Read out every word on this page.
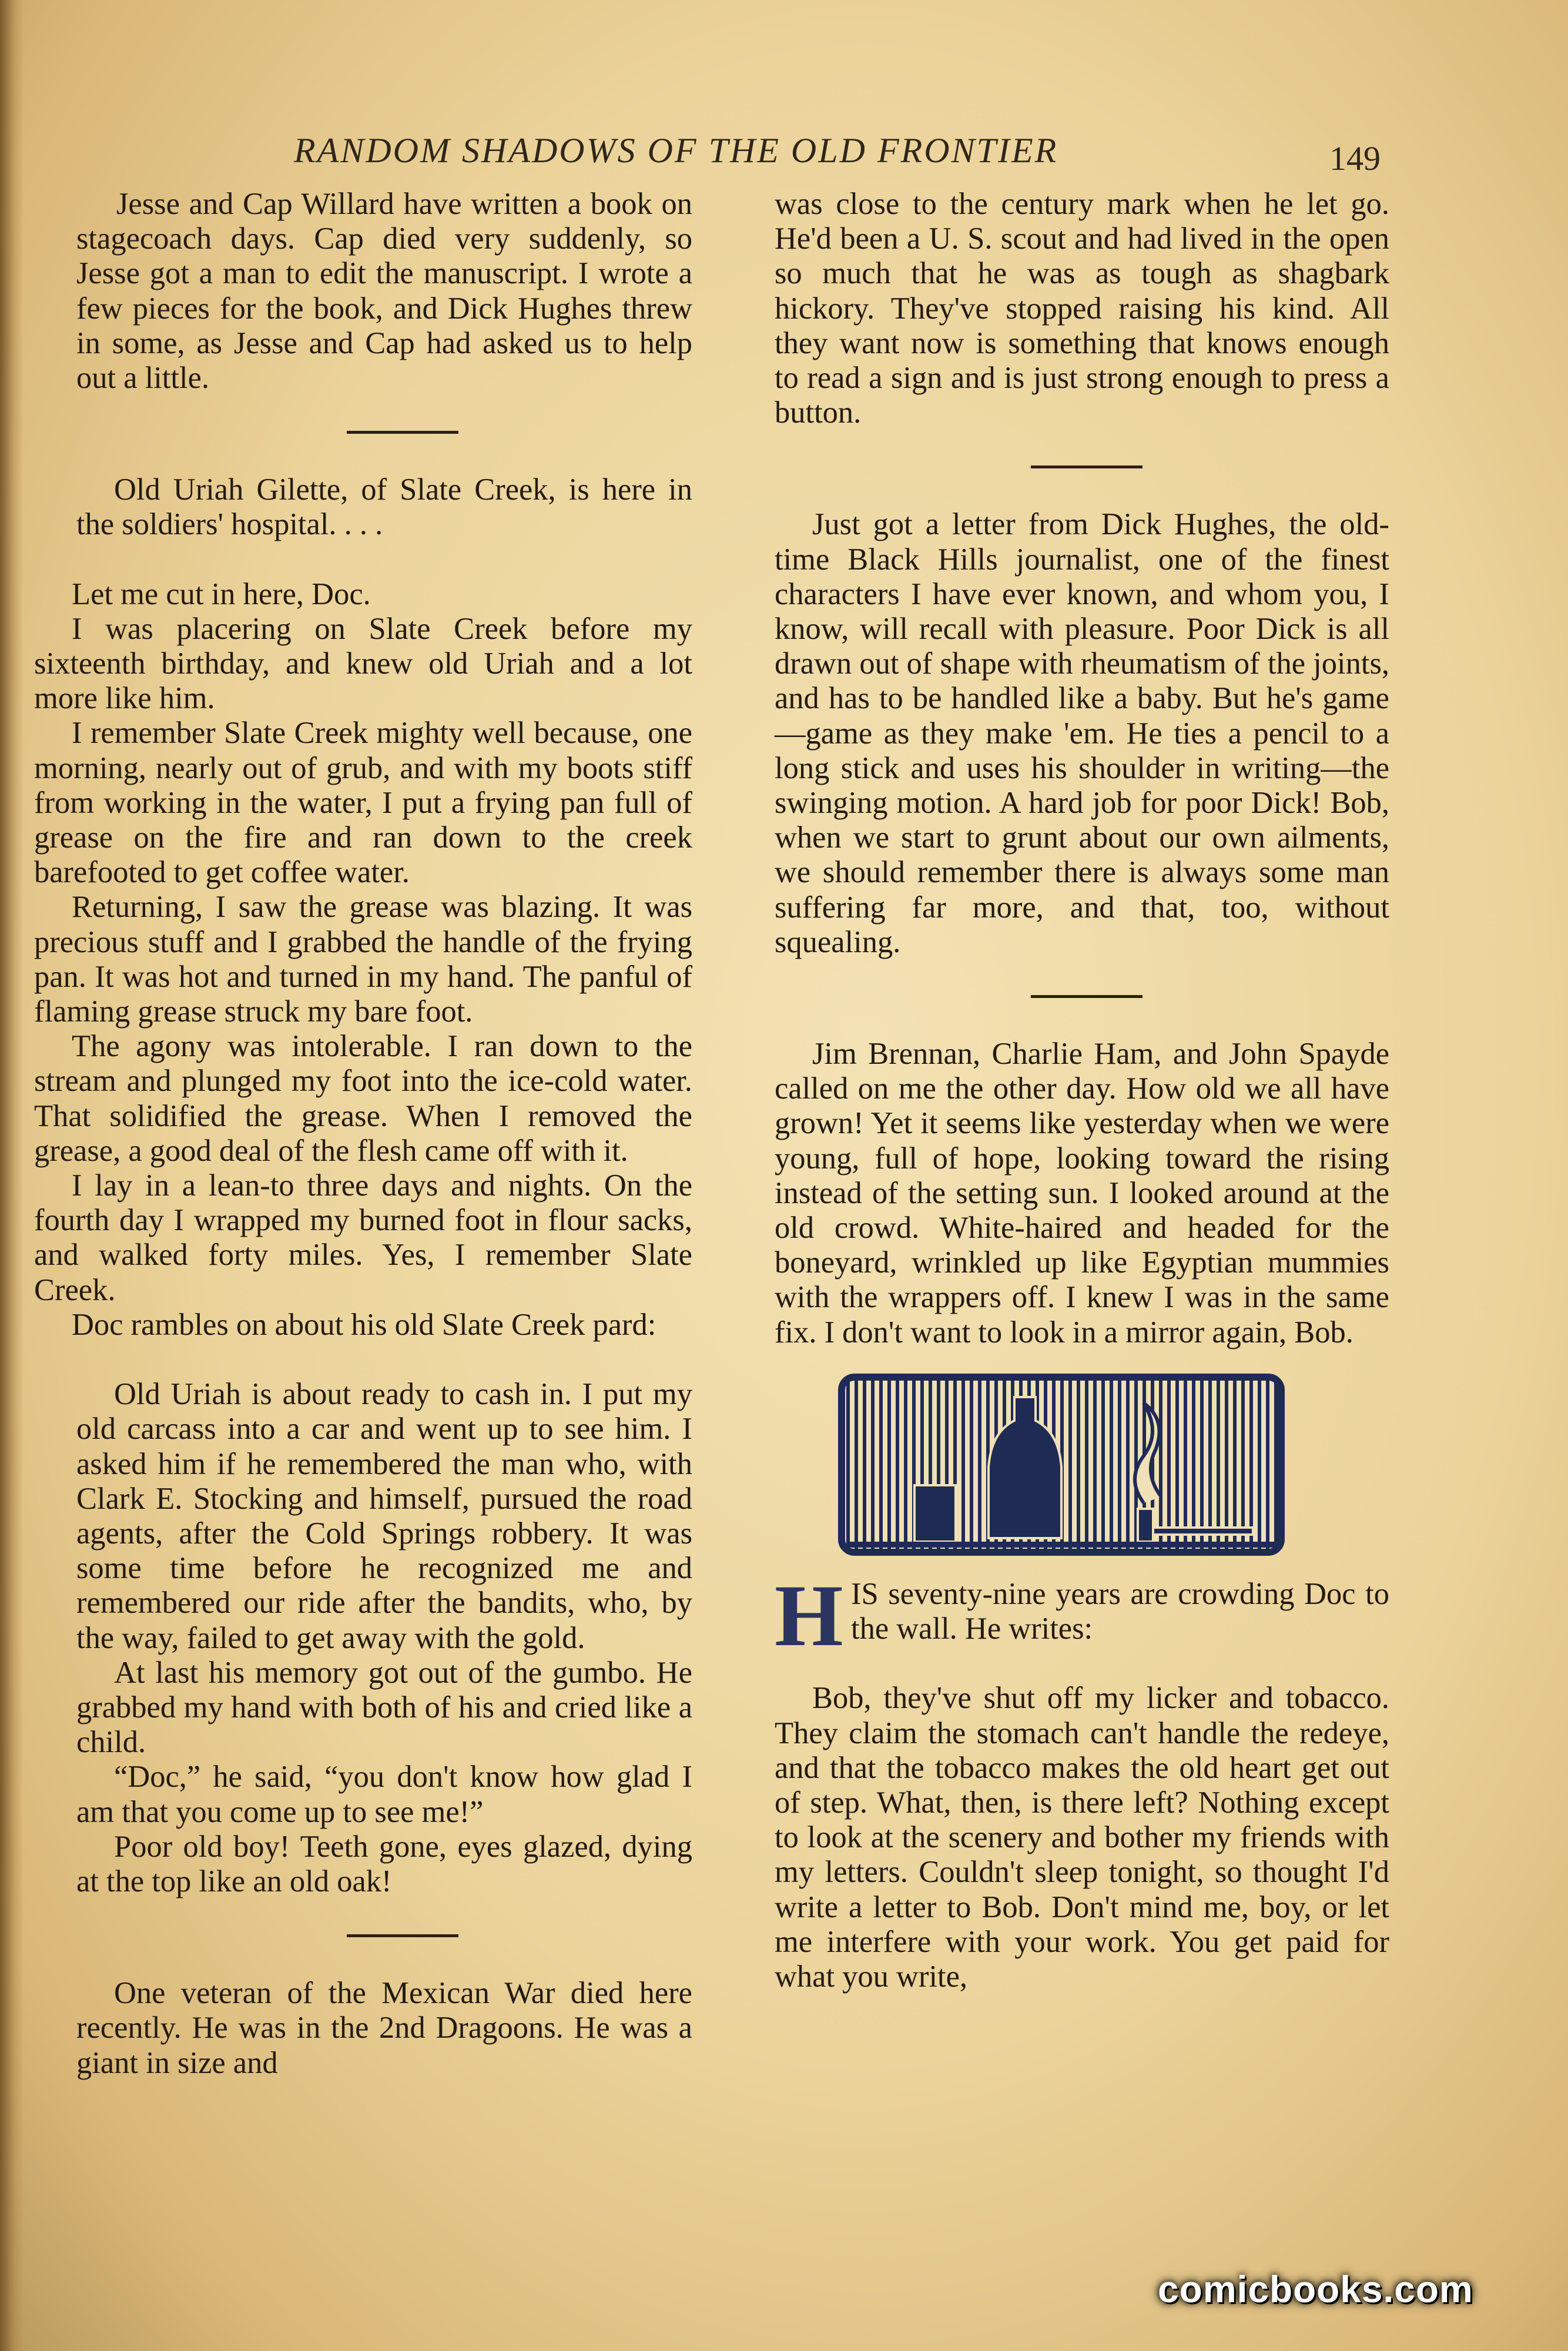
RANDOM SHADOWS OF THE OLD FRONTIER	149

Jesse and Cap Willard have written a book on stagecoach days. Cap died very suddenly, so Jesse got a man to edit the manuscript. I wrote a few pieces for the book, and Dick Hughes threw in some, as Jesse and Cap had asked us to help out a little.

Old Uriah Gilette, of Slate Creek, is here in the soldiers' hospital. . . .

Let me cut in here, Doc.

I was placering on Slate Creek before my sixteenth birthday, and knew old Uriah and a lot more like him.

I remember Slate Creek mighty well because, one morning, nearly out of grub, and with my boots stiff from working in the water, I put a frying pan full of grease on the fire and ran down to the creek barefooted to get coffee water.

Returning, I saw the grease was blazing. It was precious stuff and I grabbed the handle of the frying pan. It was hot and turned in my hand. The panful of flaming grease struck my bare foot.

The agony was intolerable. I ran down to the stream and plunged my foot into the ice-cold water. That solidified the grease. When I removed the grease, a good deal of the flesh came off with it.

I lay in a lean-to three days and nights. On the fourth day I wrapped my burned foot in flour sacks, and walked forty miles. Yes, I remember Slate Creek.

Doc rambles on about his old Slate Creek pard:

Old Uriah is about ready to cash in. I put my old carcass into a car and went up to see him. I asked him if he remembered the man who, with Clark E. Stocking and himself, pursued the road agents, after the Cold Springs robbery. It was some time before he recognized me and remembered our ride after the bandits, who, by the way, failed to get away with the gold.

At last his memory got out of the gumbo. He grabbed my hand with both of his and cried like a child.

“Doc,” he said, “you don't know how glad I am that you come up to see me!”

Poor old boy! Teeth gone, eyes glazed, dying at the top like an old oak!

One veteran of the Mexican War died here recently. He was in the 2nd Dragoons. He was a giant in size and

was close to the century mark when he let go. He'd been a U. S. scout and had lived in the open so much that he was as tough as shagbark hickory. They've stopped raising his kind. All they want now is something that knows enough to read a sign and is just strong enough to press a button.

Just got a letter from Dick Hughes, the old-time Black Hills journalist, one of the finest characters I have ever known, and whom you, I know, will recall with pleasure. Poor Dick is all drawn out of shape with rheumatism of the joints, and has to be handled like a baby. But he's game—game as they make 'em. He ties a pencil to a long stick and uses his shoulder in writing—the swinging motion. A hard job for poor Dick! Bob, when we start to grunt about our own ailments, we should remember there is always some man suffering far more, and that, too, without squealing.

Jim Brennan, Charlie Ham, and John Spayde called on me the other day. How old we all have grown! Yet it seems like yesterday when we were young, full of hope, looking toward the rising instead of the setting sun. I looked around at the old crowd. White-haired and headed for the boneyard, wrinkled up like Egyptian mummies with the wrappers off. I knew I was in the same fix. I don't want to look in a mirror again, Bob.

H IS seventy-nine years are crowding Doc to the wall. He writes:

Bob, they've shut off my licker and tobacco. They claim the stomach can't handle the redeye, and that the tobacco makes the old heart get out of step. What, then, is there left? Nothing except to look at the scenery and bother my friends with my letters. Couldn't sleep tonight, so thought I'd write a letter to Bob. Don't mind me, boy, or let me interfere with your work. You get paid for what you write,

comicbooks.com
